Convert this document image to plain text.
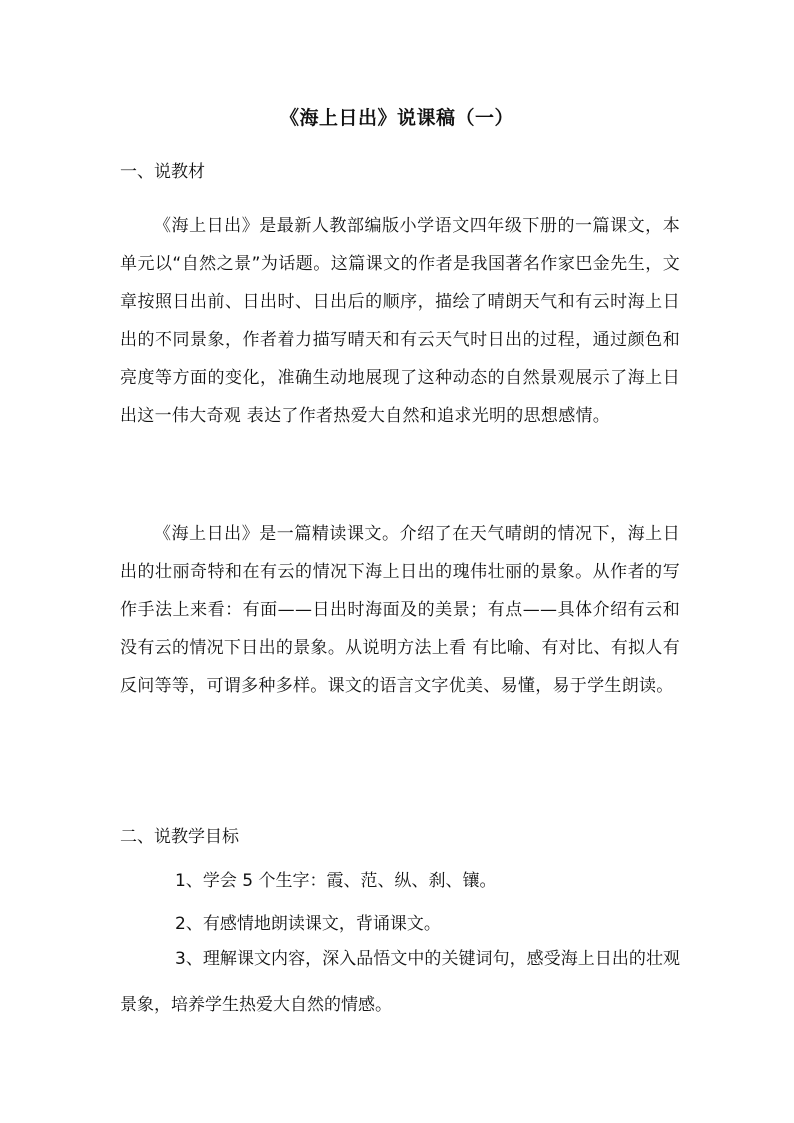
《海上日出》说课稿（一）
一、说教材
《海上日出》是最新人教部编版小学语文四年级下册的一篇课文，本单元以“自然之景”为话题。这篇课文的作者是我国著名作家巴金先生，文章按照日出前、日出时、日出后的顺序，描绘了晴朗天气和有云时海上日出的不同景象，作者着力描写晴天和有云天气时日出的过程，通过颜色和亮度等方面的变化，准确生动地展现了这种动态的自然景观展示了海上日出这一伟大奇观 表达了作者热爱大自然和追求光明的思想感情。
《海上日出》是一篇精读课文。介绍了在天气晴朗的情况下，海上日出的壮丽奇特和在有云的情况下海上日出的瑰伟壮丽的景象。从作者的写作手法上来看：有面——日出时海面及的美景；有点——具体介绍有云和没有云的情况下日出的景象。从说明方法上看 有比喻、有对比、有拟人有反问等等，可谓多种多样。课文的语言文字优美、易懂，易于学生朗读。
二、说教学目标
1、学会 5 个生字：霞、范、纵、刹、镶。
2、有感情地朗读课文，背诵课文。
3、理解课文内容，深入品悟文中的关键词句，感受海上日出的壮观景象，培养学生热爱大自然的情感。
